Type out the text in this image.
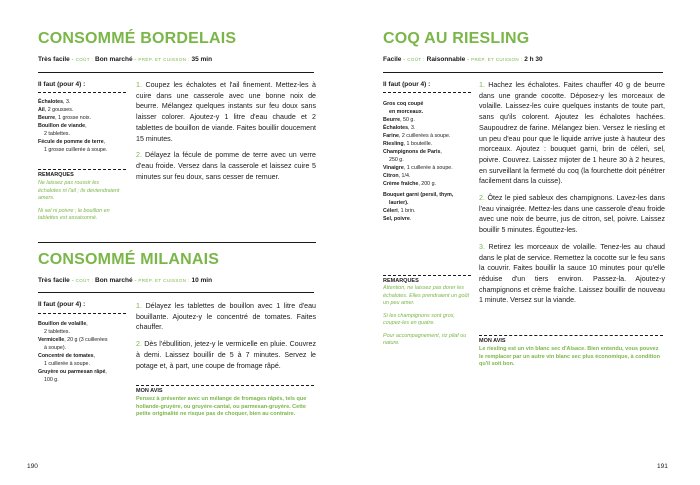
CONSOMMÉ BORDELAIS
Très facile - COÛT : Bon marché - PRÉP. ET CUISSON : 35 min
Il faut (pour 4) :
Échalotes, 3.
Ail, 2 gousses.
Beurre, 1 grosse noix.
Bouillon de viande,
2 tablettes.
Fécule de pomme de terre,
1 grosse cuillerée à soupe.
REMARQUES
Ne laissez pas roussir les échalotes ni l'ail ; ils deviendraient amers.
Ni sel ni poivre ; le bouillon en tablettes est assaisonné.

1. Coupez les échalotes et l'ail finement. Mettez-les à cuire dans une casserole avec une bonne noix de beurre. Mélangez quelques instants sur feu doux sans laisser colorer. Ajoutez-y 1 litre d'eau chaude et 2 tablettes de bouillon de viande. Faites bouillir doucement 15 minutes.

2. Délayez la fécule de pomme de terre avec un verre d'eau froide. Versez dans la casserole et laissez cuire 5 minutes sur feu doux, sans cesser de remuer.

CONSOMMÉ MILANAIS
Très facile - COÛT : Bon marché - PRÉP. ET CUISSON : 10 min
Il faut (pour 4) :
Bouillon de volaille,
2 tablettes.
Vermicelle, 20 g (3 cuillerées
à soupe).
Concentré de tomates,
1 cuillerée à soupe.
Gruyère ou parmesan râpé,
100 g.

1. Délayez les tablettes de bouillon avec 1 litre d'eau bouillante. Ajoutez-y le concentré de tomates. Faites chauffer.

2. Dès l'ébullition, jetez-y le vermicelle en pluie. Couvrez à demi. Laissez bouillir de 5 à 7 minutes. Servez le potage et, à part, une coupe de fromage râpé.

MON AVIS
Pensez à présenter avec un mélange de fromages râpés, tels que hollande-gruyère, ou gruyère-cantal, ou parmesan-gruyère. Cette petite originalité ne risque pas de choquer, bien au contraire.
190
COQ AU RIESLING
Facile - COÛT : Raisonnable - PRÉP. ET CUISSON : 2 h 30
Il faut (pour 4) :
Gros coq coupé
en morceaux.
Beurre, 50 g.
Échalotes, 3.
Farine, 2 cuillerées à soupe.
Riesling, 1 bouteille.
Champignons de Paris,
250 g.
Vinaigre, 1 cuillerée à soupe.
Citron, 1/4.
Crème fraîche, 200 g.
Bouquet garni (persil, thym,
laurier).
Céleri, 1 brin.
Sel, poivre.
REMARQUES
Attention, ne laissez pas dorer les échalotes. Elles prendraient un goût un peu amer.
Si les champignons sont gros, coupez-les en quatre.
Pour accompagnement, riz pilaf ou nature.

1. Hachez les échalotes. Faites chauffer 40 g de beurre dans une grande cocotte. Déposez-y les morceaux de volaille. Laissez-les cuire quelques instants de toute part, sans qu'ils colorent. Ajoutez les échalotes hachées. Saupoudrez de farine. Mélangez bien. Versez le riesling et un peu d'eau pour que le liquide arrive juste à hauteur des morceaux. Ajoutez : bouquet garni, brin de céleri, sel, poivre. Couvrez. Laissez mijoter de 1 heure 30 à 2 heures, en surveillant la fermeté du coq (la fourchette doit pénétrer facilement dans la cuisse).

2. Ôtez le pied sableux des champignons. Lavez-les dans l'eau vinaigrée. Mettez-les dans une casserole d'eau froide avec une noix de beurre, jus de citron, sel, poivre. Laissez bouillir 5 minutes. Égouttez-les.

3. Retirez les morceaux de volaille. Tenez-les au chaud dans le plat de service. Remettez la cocotte sur le feu sans la couvrir. Faites bouillir la sauce 10 minutes pour qu'elle réduise d'un tiers environ. Passez-la. Ajoutez-y champignons et crème fraîche. Laissez bouillir de nouveau 1 minute. Versez sur la viande.

MON AVIS
Le riesling est un vin blanc sec d'Alsace. Bien entendu, vous pouvez le remplacer par un autre vin blanc sec plus économique, à condition qu'il soit bon.
191
